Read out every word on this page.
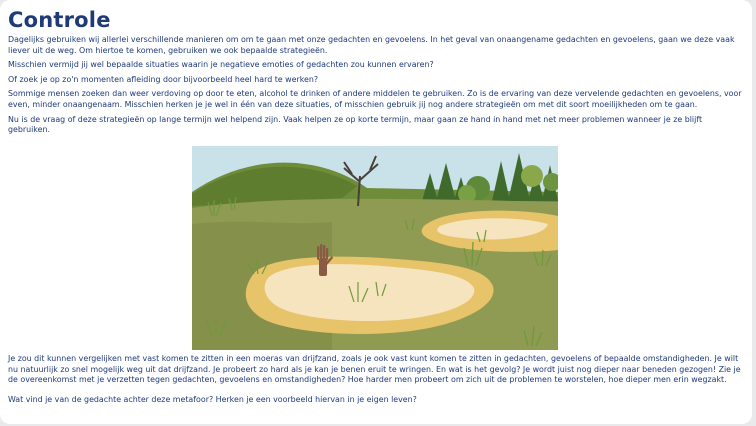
Controle

Dagelijks gebruiken wij allerlei verschillende manieren om om te gaan met onze gedachten en gevoelens. In het geval van onaangename gedachten en gevoelens, gaan we deze vaak liever uit de weg. Om hiertoe te komen, gebruiken we ook bepaalde strategieën.

Misschien vermijd jij wel bepaalde situaties waarin je negatieve emoties of gedachten zou kunnen ervaren?

Of zoek je op zo'n momenten afleiding door bijvoorbeeld heel hard te werken?

Sommige mensen zoeken dan weer verdoving op door te eten, alcohol te drinken of andere middelen te gebruiken. Zo is de ervaring van deze vervelende gedachten en gevoelens, voor even, minder onaangenaam. Misschien herken je je wel in één van deze situaties, of misschien gebruik jij nog andere strategieën om met dit soort moeilijkheden om te gaan.

Nu is de vraag of deze strategieën op lange termijn wel helpend zijn. Vaak helpen ze op korte termijn, maar gaan ze hand in hand met net meer problemen wanneer je ze blijft gebruiken.

Je zou dit kunnen vergelijken met vast komen te zitten in een moeras van drijfzand, zoals je ook vast kunt komen te zitten in gedachten, gevoelens of bepaalde omstandigheden. Je wilt nu natuurlijk zo snel mogelijk weg uit dat drijfzand. Je probeert zo hard als je kan je benen eruit te wringen. En wat is het gevolg? Je wordt juist nog dieper naar beneden gezogen! Zie je de overeenkomst met je verzetten tegen gedachten, gevoelens en omstandigheden? Hoe harder men probeert om zich uit de problemen te worstelen, hoe dieper men erin wegzakt.

Wat vind je van de gedachte achter deze metafoor? Herken je een voorbeeld hiervan in je eigen leven?
